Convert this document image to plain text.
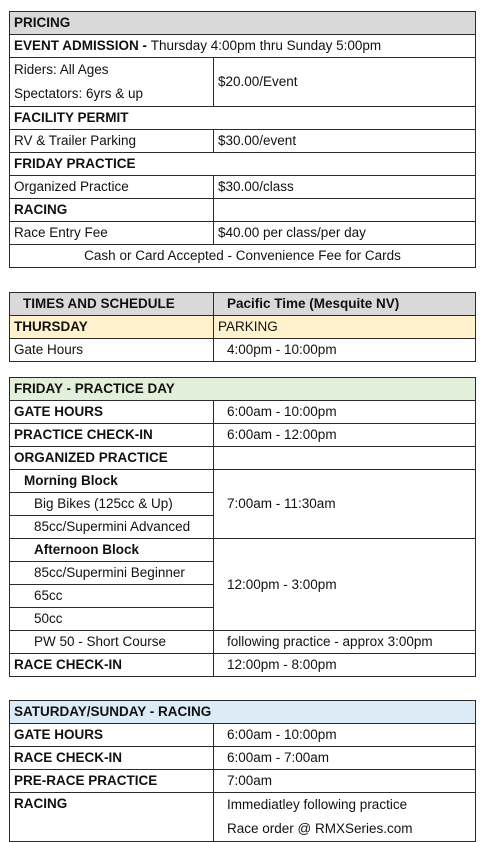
PRICING	
EVENT ADMISSION - Thursday 4:00pm thru Sunday 5:00pm	

Riders: All Ages
Spectators: 6yrs & up	$20.00/Event
FACILITY PERMIT	
RV & Trailer Parking	$30.00/event
FRIDAY PRACTICE	
Organized Practice	$30.00/class
RACING	
Race Entry Fee	$40.00 per class/per day
Cash or Card Accepted - Convenience Fee for Cards	
TIMES AND SCHEDULE	Pacific Time (Mesquite NV)
THURSDAY	PARKING
Gate Hours	4:00pm - 10:00pm
FRIDAY - PRACTICE DAY	
GATE HOURS	6:00am - 10:00pm
PRACTICE CHECK-IN	6:00am - 12:00pm
ORGANIZED PRACTICE	
Morning Block	7:00am - 11:30am
Big Bikes (125cc & Up)	
85cc/Supermini Advanced	
Afternoon Block	12:00pm - 3:00pm
85cc/Supermini Beginner	
65cc	
50cc	
PW 50 - Short Course	following practice - approx 3:00pm
RACE CHECK-IN	12:00pm - 8:00pm
SATURDAY/SUNDAY - RACING	
GATE HOURS	6:00am - 10:00pm
RACE CHECK-IN	6:00am - 7:00am
PRE-RACE PRACTICE	7:00am
RACING	Immediatley following practice
Race order @ RMXSeries.com
